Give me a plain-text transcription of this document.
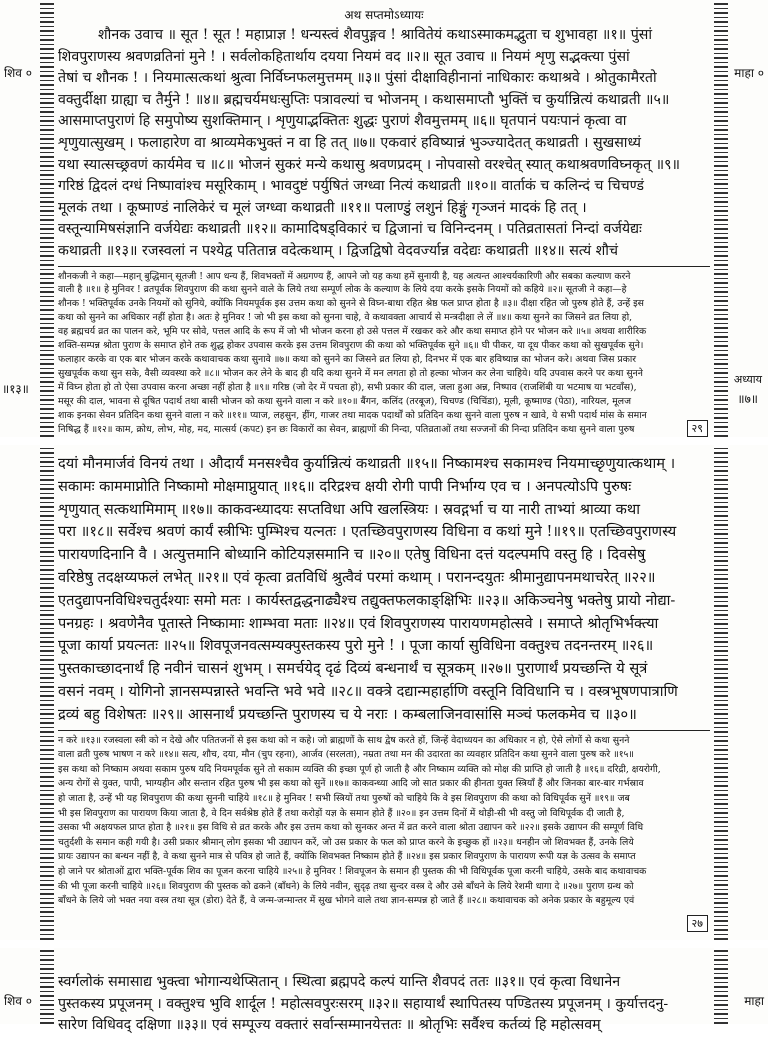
शिव ०	माहा ०
॥१३॥
अध्याय
॥७॥

अथ सप्तमोऽध्यायः

शौनक उवाच ॥ सूत ! सूत ! महाप्राज्ञ ! धन्यस्त्वं शैवपुङ्गव ! श्रावितेयं कथाऽस्माकमद्भुता च शुभावहा ॥१॥ पुंसां
शिवपुराणस्य श्रवणव्रतिनां मुने ! । सर्वलोकहितार्थाय दयया नियमं वद ॥२॥ सूत उवाच ॥ नियमं शृणु सद्भक्त्या पुंसां
तेषां च शौनक ! । नियमात्सत्कथां श्रुत्वा निर्विघ्नफलमुत्तमम् ॥३॥ पुंसां दीक्षाविहीनानां नाधिकारः कथाश्रवे । श्रोतुकामैरतो
वक्तुर्दीक्षा ग्राह्या च तैर्मुने ! ॥४॥ ब्रह्मचर्यमधःसुप्तिः पत्रावल्यां च भोजनम् । कथासमाप्तौ भुक्तिं च कुर्यान्नित्यं कथाव्रती ॥५॥
आसमाप्तपुराणं हि समुपोष्य सुशक्तिमान् । शृणुयाद्भक्तितः शुद्धः पुराणं शैवमुत्तमम् ॥६॥ घृतपानं पयःपानं कृत्वा वा
शृणुयात्सुखम् । फलाहारेण वा श्राव्यमेकभुक्तं न वा हि तत् ॥७॥ एकवारं हविष्यान्नं भुञ्ज्यादेतत् कथाव्रती । सुखसाध्यं
यथा स्यात्सच्छ्रवणं कार्यमेव च ॥८॥ भोजनं सुकरं मन्ये कथासु श्रवणप्रदम् । नोपवासो वरश्चेत् स्यात् कथाश्रवणविघ्नकृत् ॥९॥
गरिष्ठं द्विदलं दग्धं निष्पावांश्च मसूरिकाम् । भावदुष्टं पर्युषितं जग्ध्वा नित्यं कथाव्रती ॥१०॥ वार्ताकं च कलिन्दं च चिचण्डं
मूलकं तथा । कूष्माण्डं नालिकेरं च मूलं जग्ध्वा कथाव्रती ॥११॥ पलाण्डुं लशुनं हिङ्गुं गृञ्जनं मादकं हि तत् ।
वस्तून्यामिषसंज्ञानि वर्जयेद्यः कथाव्रती ॥१२॥ कामादिषड्विकारं च द्विजानां च विनिन्दनम् । पतिव्रतासतां निन्दां वर्जयेद्यः
कथाव्रती ॥१३॥ रजस्वलां न पश्येद्व पतितान्न वदेत्कथाम् । द्विजद्विषो वेदवर्ज्यान्न वदेद्यः कथाव्रती ॥१४॥ सत्यं शौचं
शौनकजी ने कहा—महान् बुद्धिमान् सूतजी ! आप धन्य हैं, शिवभक्तों में अग्रगण्य हैं, आपने जो यह कथा हमें सुनायी है, यह अत्यन्त आश्चर्यकारिणी और सबका कल्याण करने
वाली है ॥१॥ हे मुनिवर ! व्रतपूर्वक शिवपुराण की कथा सुनने वाले के लिये तथा सम्पूर्ण लोक के कल्याण के लिये दया करके इसके नियमों को कहिये ॥२॥ सूतजी ने कहा—हे
शौनक ! भक्तिपूर्वक उनके नियमों को सुनिये, क्योंकि नियमपूर्वक इस उत्तम कथा को सुनने से विघ्न-बाधा रहित श्रेष्ठ फल प्राप्त होता है ॥३॥ दीक्षा रहित जो पुरुष होते हैं, उन्हें इस
कथा को सुनने का अधिकार नहीं होता है। अतः हे मुनिवर ! जो भी इस कथा को सुनना चाहे, वे कथावक्ता आचार्य से मन्त्रदीक्षा ले लें ॥४॥ कथा सुनने का जिसने व्रत लिया हो,
वह ब्रह्मचर्य व्रत का पालन करे, भूमि पर सोवे, पत्तल आदि के रूप में जो भी भोजन करना हो उसे पत्तल में रखकर करे और कथा समाप्त होने पर भोजन करे ॥५॥ अथवा शारीरिक
शक्ति-सम्पन्न श्रोता पुराण के समाप्त होने तक शुद्ध होकर उपवास करके इस उत्तम शिवपुराण की कथा को भक्तिपूर्वक सुने ॥६॥ घी पीकर, या दूध पीकर कथा को सुखपूर्वक सुने।
फलाहार करके वा एक बार भोजन करके कथावाचक कथा सुनावे ॥७॥ कथा को सुनने का जिसने व्रत लिया हो, दिनभर में एक बार हविष्यान्न का भोजन करे। अथवा जिस प्रकार
सुखपूर्वक कथा सुन सके, वैसी व्यवस्था करे ॥८॥ भोजन कर लेने के बाद ही यदि कथा सुनने में मन लगता हो तो हल्का भोजन कर लेना चाहिये। यदि उपवास करने पर कथा सुनने
में विघ्न होता हो तो ऐसा उपवास करना अच्छा नहीं होता है ॥९॥ गरिष्ठ (जो देर में पचता हो), सभी प्रकार की दाल, जला हुआ अन्न, निष्पाव (राजशिंबी या भटमाष या भटवाँस),
मसूर की दाल, भावना से दूषित पदार्थ तथा बासी भोजन को कथा सुनने वाला न करे ॥१०॥ बैंगन, कलिंद (तरबूज), चिचण्ड (चिचिंडा), मूली, कूष्माण्ड (पेठा), नारियल, मूलज
शाक इनका सेवन प्रतिदिन कथा सुनने वाला न करे ॥११॥ प्याज, लहसुन, हींग, गाजर तथा मादक पदार्थों को प्रतिदिन कथा सुनने वाला पुरुष न खावे, ये सभी पदार्थ मांस के समान
निषिद्ध हैं ॥१२॥ काम, क्रोध, लोभ, मोह, मद, मात्सर्य (कपट) इन छः विकारों का सेवन, ब्राह्मणों की निन्दा, पतिव्रताओं तथा सज्जनों की निन्दा प्रतिदिन कथा सुनने वाला पुरुष	२९
दयां मौनमार्जवं विनयं तथा । औदार्यं मनसश्चैव कुर्यान्नित्यं कथाव्रती ॥१५॥ निष्कामश्च सकामश्च नियमाच्छृणुयात्कथाम् ।
सकामः काममाप्नोति निष्कामो मोक्षमाप्नुयात् ॥१६॥ दरिद्रश्च क्षयी रोगी पापी निर्भाग्य एव च । अनपत्योऽपि पुरुषः
शृणुयात् सत्कथामिमाम् ॥१७॥ काकवन्ध्यादयः सप्तविधा अपि खलस्त्रियः । स्रवद्गर्भा च या नारी ताभ्यां श्राव्या कथा
परा ॥१८॥ सर्वेश्च श्रवणं कार्यं स्त्रीभिः पुम्भिश्च यत्नतः । एतच्छिवपुराणस्य विधिना व कथां मुने !॥१९॥ एतच्छिवपुराणस्य
पारायणदिनानि वै । अत्युत्तमानि बोध्यानि कोटियज्ञसमानि च ॥२०॥ एतेषु विधिना दत्तं यदल्पमपि वस्तु हि । दिवसेषु
वरिष्ठेषु तदक्षय्यफलं लभेत् ॥२१॥ एवं कृत्वा व्रतविधिं श्रुत्वैवं परमां कथाम् । परानन्दयुतः श्रीमानुद्यापनमथाचरेत् ॥२२॥
एतदुद्यापनविधिश्चतुर्दश्याः समो मतः । कार्यस्तद्वद्धनाढ्यैश्च तद्युक्तफलकाङ्क्षिभिः ॥२३॥ अकिञ्चनेषु भक्तेषु प्रायो नोद्या-
पनग्रहः । श्रवणेनैव पूतास्ते निष्कामाः शाम्भवा मताः ॥२४॥ एवं शिवपुराणस्य पारायणमहोत्सवे । समाप्ते श्रोतृभिर्भक्त्या
पूजा कार्या प्रयत्नतः ॥२५॥ शिवपूजनवत्सम्यक्पुस्तकस्य पुरो मुने ! । पूजा कार्या सुविधिना वक्तुश्च तदनन्तरम् ॥२६॥
पुस्तकाच्छादनार्थं हि नवीनं चासनं शुभम् । समर्चयेद् दृढं दिव्यं बन्धनार्थं च सूत्रकम् ॥२७॥ पुराणार्थं प्रयच्छन्ति ये सूत्रं
वसनं नवम् । योगिनो ज्ञानसम्पन्नास्ते भवन्ति भवे भवे ॥२८॥ वक्त्रे दद्यान्महार्हाणि वस्तूनि विविधानि च । वस्त्रभूषणपात्राणि
द्रव्यं बहु विशेषतः ॥२९॥ आसनार्थं प्रयच्छन्ति पुराणस्य च ये नराः । कम्बलाजिनवासांसि मञ्चं फलकमेव च ॥३०॥
न करे ॥१३॥ रजस्वला स्त्री को न देखे और पतितजनों से इस कथा को न कहे। जो ब्राह्मणों के साथ द्वेष करते हों, जिन्हें वेदाध्ययन का अधिकार न हो, ऐसे लोगों से कथा सुनने
वाला व्रती पुरुष भाषण न करे ॥१४॥ सत्य, शौच, दया, मौन (चुप रहना), आर्जव (सरलता), नम्रता तथा मन की उदारता का व्यवहार प्रतिदिन कथा सुनने वाला पुरुष करे ॥१५॥
इस कथा को निष्काम अथवा सकाम पुरुष यदि नियमपूर्वक सुने तो सकाम व्यक्ति की इच्छा पूर्ण हो जाती है और निष्काम व्यक्ति को मोक्ष की प्राप्ति हो जाती है ॥१६॥ दरिद्री, क्षयरोगी,
अन्य रोगों से युक्त, पापी, भाग्यहीन और सन्तान रहित पुरुष भी इस कथा को सुनें ॥१७॥ काकवन्ध्या आदि जो सात प्रकार की हीनता युक्त स्त्रियाँ हैं और जिनका बार-बार गर्भस्राव
हो जाता है, उन्हें भी यह शिवपुराण की कथा सुननी चाहिये ॥१८॥ हे मुनिवर ! सभी स्त्रियों तथा पुरुषों को चाहिये कि वे इस शिवपुराण की कथा को विधिपूर्वक सुनें ॥१९॥ जब
भी इस शिवपुराण का पारायण किया जाता है, वे दिन सर्वश्रेष्ठ होते हैं तथा करोड़ों यज्ञ के समान होते हैं ॥२०॥ इन उत्तम दिनों में थोड़ी-सी भी वस्तु जो विधिपूर्वक दी जाती है,
उसका भी अक्षयफल प्राप्त होता है ॥२१॥ इस विधि से व्रत करके और इस उत्तम कथा को सुनकर अन्त में व्रत करने वाला श्रोता उद्यापन करे ॥२२॥ इसके उद्यापन की सम्पूर्ण विधि
चतुर्दशी के समान कही गयी है। उसी प्रकार श्रीमान् लोग इसका भी उद्यापन करें, जो उस प्रकार के फल को प्राप्त करने के इच्छुक हों ॥२३॥ धनहीन जो शिवभक्त हैं, उनके लिये
प्रायः उद्यापन का बन्धन नहीं है, वे कथा सुनने मात्र से पवित्र हो जाते हैं, क्योंकि शिवभक्त निष्काम होते हैं ॥२४॥ इस प्रकार शिवपुराण के पारायण रूपी यज्ञ के उत्सव के समाप्त
हो जाने पर श्रोताओं द्वारा भक्ति-पूर्वक शिव का पूजन करना चाहिये ॥२५॥ हे मुनिवर ! शिवपूजन के समान ही पुस्तक की भी विधिपूर्वक पूजा करनी चाहिये, उसके बाद कथावाचक
की भी पूजा करनी चाहिये ॥२६॥ शिवपुराण की पुस्तक को ढकने (बाँधने) के लिये नवीन, सुदृढ़ तथा सुन्दर वस्त्र दे और उसे बाँधने के लिये रेशमी धागा दे ॥२७॥ पुराण ग्रन्थ को
बाँधने के लिये जो भक्त नया वस्त्र तथा सूत्र (डोरा) देते हैं, वे जन्म-जन्मान्तर में सुख भोगने वाले तथा ज्ञान-सम्पन्न हो जाते हैं ॥२८॥ कथावाचक को अनेक प्रकार के बहुमूल्य एवं
२७
शिव ०	माहा
स्वर्गलोकं समासाद्य भुक्त्वा भोगान्यथेप्सितान् । स्थित्वा ब्रह्मपदे कल्पं यान्ति शैवपदं ततः ॥३१॥ एवं कृत्वा विधानेन
पुस्तकस्य प्रपूजनम् । वक्तुश्च भुवि शार्दूल ! महोत्सवपुरःसरम् ॥३२॥ सहायार्थं स्थापितस्य पण्डितस्य प्रपूजनम् । कुर्यात्तदनु-
सारेण विधिवद् दक्षिणा ॥३३॥ एवं सम्पूज्य वक्तारं सर्वान्सम्मानयेत्ततः ॥ श्रोतृभिः सर्वैश्च कर्तव्यं हि महोत्सवम्
